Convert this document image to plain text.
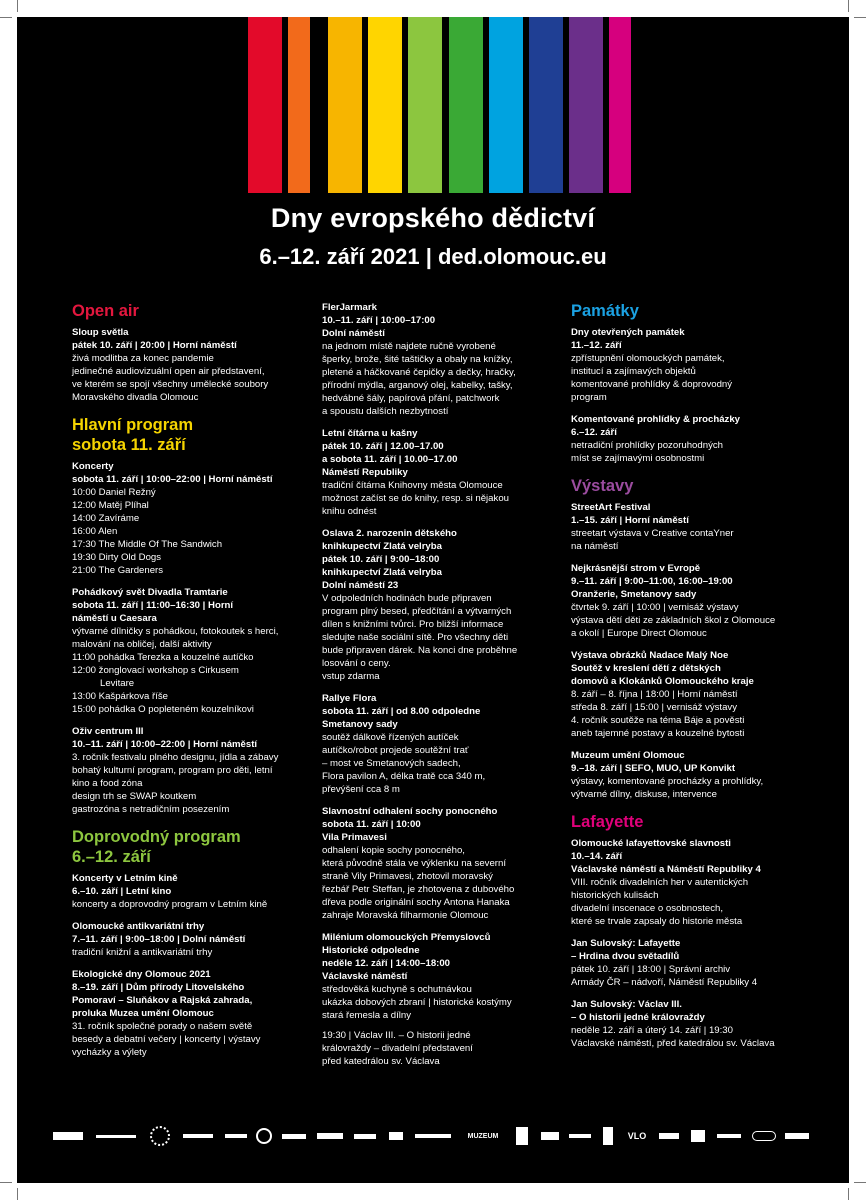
Dny evropského dědictví
6.–12. září 2021 | ded.olomouc.eu
Open air
Sloup světla
pátek 10. září | 20:00 | Horní náměstí
živá modlitba za konec pandemie
jedinečné audiovizuální open air představení,
ve kterém se spojí všechny umělecké soubory
Moravského divadla Olomouc
Hlavní program
sobota 11. září
Koncerty
sobota 11. září | 10:00–22:00 | Horní náměstí
10:00 Daniel Režný
12:00 Matěj Plíhal
14:00 Zavíráme
16:00 Alen
17:30 The Middle Of The Sandwich
19:30 Dirty Old Dogs
21:00 The Gardeners
Pohádkový svět Divadla Tramtarie
sobota 11. září | 11:00–16:30 | Horní
náměstí u Caesara
výtvarné dílničky s pohádkou, fotokoutek s herci,
malování na obličej, další aktivity
11:00 pohádka Terezka a kouzelné autíčko
12:00 žonglovací workshop s Cirkusem
Levitare
13:00 Kašpárkova říše
15:00 pohádka O popleteném kouzelníkovi
Oživ centrum III
10.–11. září | 10:00–22:00 | Horní náměstí
3. ročník festivalu plného designu, jídla a zábavy
bohatý kulturní program, program pro děti, letní
kino a food zóna
design trh se SWAP koutkem
gastrozóna s netradičním posezením
Doprovodný program
6.–12. září
Koncerty v Letním kině
6.–10. září | Letní kino
koncerty a doprovodný program v Letním kině
Olomoucké antikvariátní trhy
7.–11. září | 9:00–18:00 | Dolní náměstí
tradiční knižní a antikvariátní trhy
Ekologické dny Olomouc 2021
8.–19. září | Dům přírody Litovelského
Pomoraví – Sluňákov a Rajská zahrada,
proluka Muzea umění Olomouc
31. ročník společné porady o našem světě
besedy a debatní večery | koncerty | výstavy
vycházky a výlety
FlerJarmark
10.–11. září | 10:00–17:00
Dolní náměstí
na jednom místě najdete ručně vyrobené
šperky, brože, šité taštičky a obaly na knížky,
pletené a háčkované čepičky a dečky, hračky,
přírodní mýdla, arganový olej, kabelky, tašky,
hedvábné šály, papírová přání, patchwork
a spoustu dalších nezbytností
Letní čítárna u kašny
pátek 10. září | 12.00–17.00
a sobota 11. září | 10.00–17.00
Náměstí Republiky
tradiční čítárna Knihovny města Olomouce
možnost začíst se do knihy, resp. si nějakou
knihu odnést
Oslava 2. narozenin dětského
knihkupectví Zlatá velryba
pátek 10. září | 9:00–18:00
knihkupectví Zlatá velryba
Dolní náměstí 23
V odpoledních hodinách bude připraven
program plný besed, předčítání a výtvarných
dílen s knižními tvůrci. Pro bližší informace
sledujte naše sociální sítě. Pro všechny děti
bude připraven dárek. Na konci dne proběhne
losování o ceny.
vstup zdarma
Rallye Flora
sobota 11. září | od 8.00 odpoledne
Smetanovy sady
soutěž dálkově řízených autíček
autíčko/robot projede soutěžní trať
– most ve Smetanových sadech,
Flora pavilon A, délka tratě cca 340 m,
převýšení cca 8 m
Slavnostní odhalení sochy ponocného
sobota 11. září | 10:00
Vila Primavesi
odhalení kopie sochy ponocného,
která původně stála ve výklenku na severní
straně Vily Primavesi, zhotovil moravský
řezbář Petr Steffan, je zhotovena z dubového
dřeva podle originální sochy Antona Hanaka
zahraje Moravská filharmonie Olomouc
Milénium olomouckých Přemyslovců
Historické odpoledne
neděle 12. září | 14:00–18:00
Václavské náměstí
středověká kuchyně s ochutnávkou
ukázka dobových zbraní | historické kostýmy
stará řemesla a dílny
19:30 | Václav III. – O historii jedné
královraždy – divadelní představení
před katedrálou sv. Václava
Památky
Dny otevřených památek
11.–12. září
zpřístupnění olomouckých památek,
institucí a zajímavých objektů
komentované prohlídky & doprovodný
program
Komentované prohlídky & procházky
6.–12. září
netradiční prohlídky pozoruhodných
míst se zajímavými osobnostmi
Výstavy
StreetArt Festival
1.–15. září | Horní náměstí
streetart výstava v Creative contaYner
na náměstí
Nejkrásnější strom v Evropě
9.–11. září | 9:00–11:00, 16:00–19:00
Oranžerie, Smetanovy sady
čtvrtek 9. září | 10:00 | vernisáž výstavy
výstava dětí děti ze základních škol z Olomouce
a okolí | Europe Direct Olomouc
Výstava obrázků Nadace Malý Noe
Soutěž v kreslení dětí z dětských
domovů a Klokánků Olomouckého kraje
8. září – 8. října | 18:00 | Horní náměstí
středa 8. září | 15:00 | vernisáž výstavy
4. ročník soutěže na téma Báje a pověsti
aneb tajemné postavy a kouzelné bytosti
Muzeum umění Olomouc
9.–18. září | SEFO, MUO, UP Konvikt
výstavy, komentované procházky a prohlídky,
výtvarné dílny, diskuse, intervence
Lafayette
Olomoucké lafayettovské slavnosti
10.–14. září
Václavské náměstí a Náměstí Republiky 4
VIII. ročník divadelních her v autentických
historických kulisách
divadelní inscenace o osobnostech,
které se trvale zapsaly do historie města
Jan Sulovský: Lafayette
– Hrdina dvou světadílů
pátek 10. září | 18:00 | Správní archiv
Armády ČR – nádvoří, Náměstí Republiky 4
Jan Sulovský: Václav III.
– O historii jedné královraždy
neděle 12. září a úterý 14. září | 19:30
Václavské náměstí, před katedrálou sv. Václava
MUZEUM	VLO
